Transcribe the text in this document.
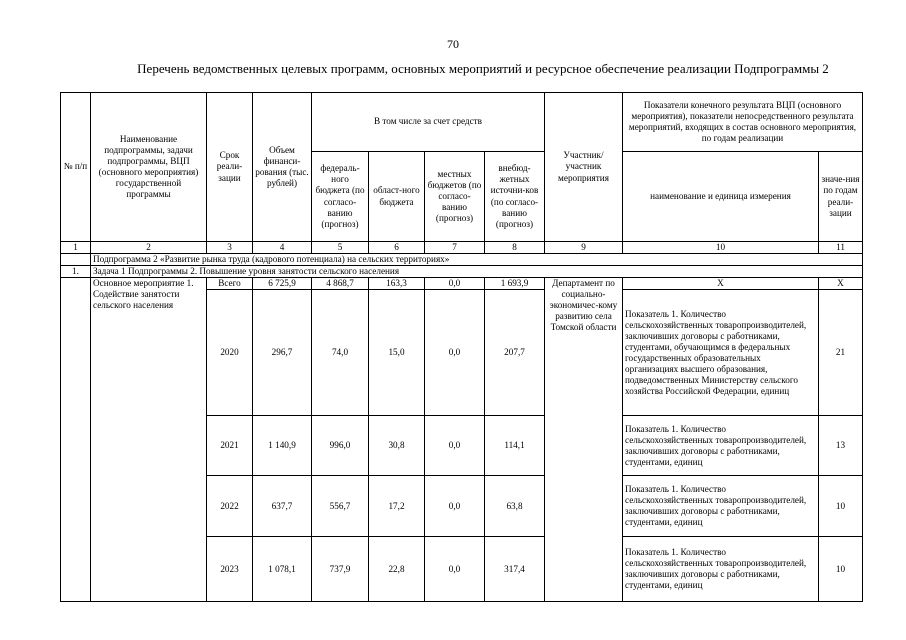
70
Перечень ведомственных целевых программ, основных мероприятий и ресурсное обеспечение реализации Подпрограммы 2
№ п/п	Наименование подпрограммы, задачи подпрограммы, ВЦП (основного мероприятия) государственной программы	Срок реали-зации	Объем финанси-рования (тыс. рублей)	В том числе за счет средств				Участник/ участник мероприятия	Показатели конечного результата ВЦП (основного мероприятия), показатели непосредственного результата мероприятий, входящих в состав основного мероприятия, по годам реализации	
				федераль-ного бюджета (по согласо-ванию (прогноз)	област-ного бюджета	местных бюджетов (по согласо-ванию (прогноз)	внебюд-жетных источни-ков (по согласо-ванию (прогноз)		наименование и единица измерения	значе-ния по годам реали-зации
1	2	3	4	5	6	7	8	9	10	11
	Подпрограмма 2 «Развитие рынка труда (кадрового потенциала) на сельских территориях»									
1.	Задача 1 Подпрограммы 2. Повышение уровня занятости сельского населения									
	Основное мероприятие 1. Содействие занятости сельского населения	Всего	6 725,9	4 868,7	163,3	0,0	1 693,9	Департамент по социально-экономичес-кому развитию села Томской области	Х	Х
		2020	296,7	74,0	15,0	0,0	207,7		Показатель 1. Количество сельскохозяйственных товаропроизводителей, заключивших договоры с работниками, студентами, обучающимся в федеральных государственных образовательных организациях высшего образования, подведомственных Министерству сельского хозяйства Российской Федерации, единиц	21
		2021	1 140,9	996,0	30,8	0,0	114,1		Показатель 1. Количество сельскохозяйственных товаропроизводителей, заключивших договоры с работниками, студентами, единиц	13
		2022	637,7	556,7	17,2	0,0	63,8		Показатель 1. Количество сельскохозяйственных товаропроизводителей, заключивших договоры с работниками, студентами, единиц	10
		2023	1 078,1	737,9	22,8	0,0	317,4		Показатель 1. Количество сельскохозяйственных товаропроизводителей, заключивших договоры с работниками, студентами, единиц	10
